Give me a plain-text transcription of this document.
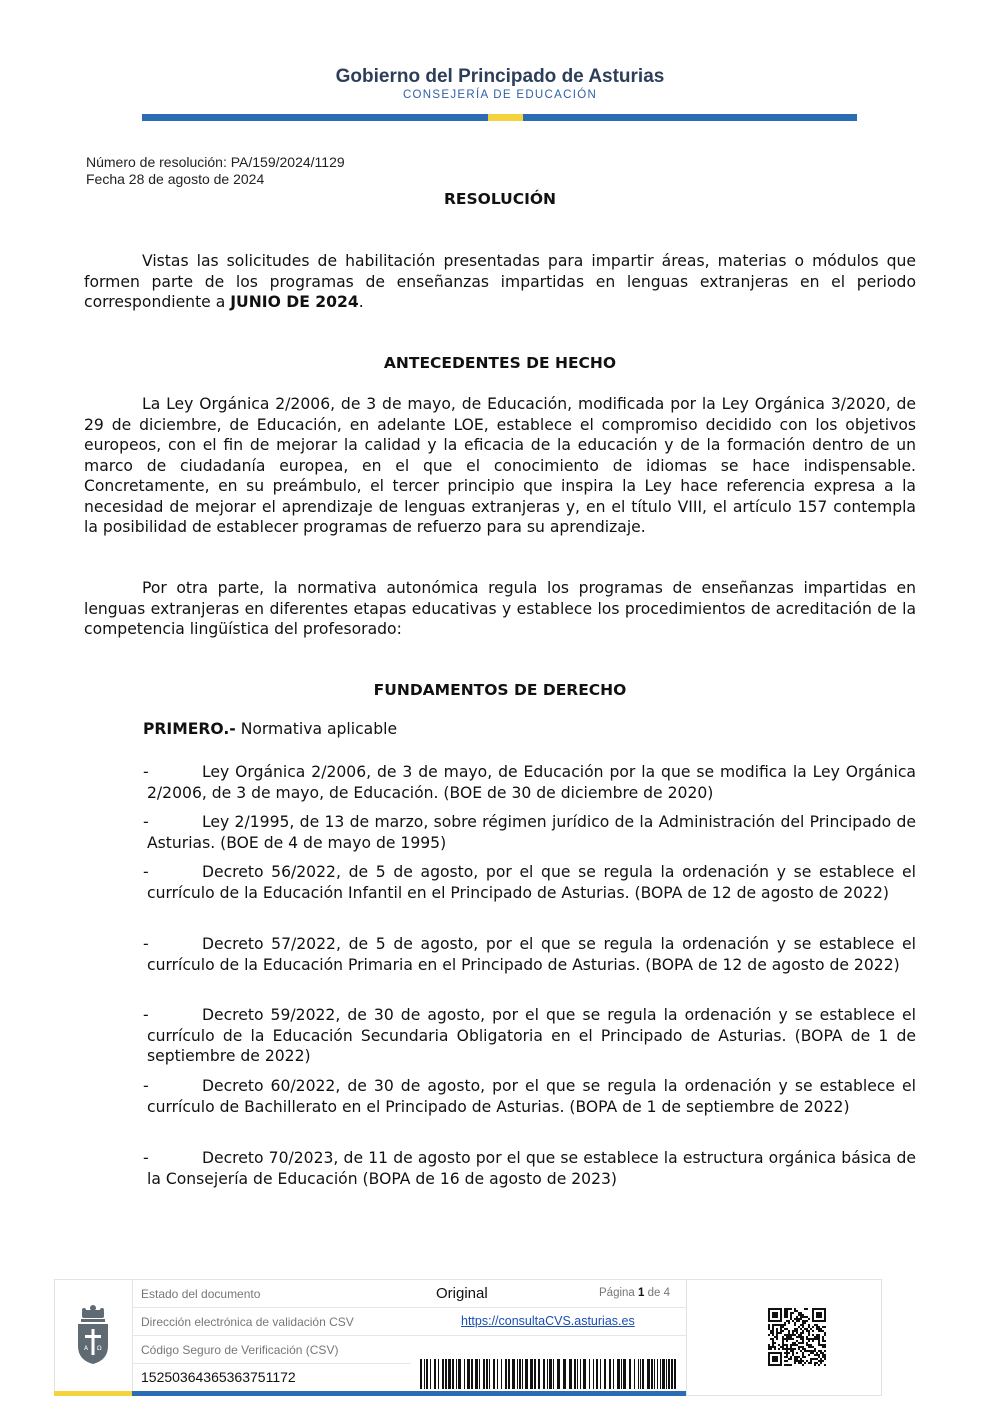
Gobierno del Principado de Asturias
CONSEJERÍA DE EDUCACIÓN
Número de resolución: PA/159/2024/1129
Fecha 28 de agosto de 2024
RESOLUCIÓN
Vistas las solicitudes de habilitación presentadas para impartir áreas, materias o módulos que formen parte de los programas de enseñanzas impartidas en lenguas extranjeras en el periodo correspondiente a JUNIO DE 2024.
ANTECEDENTES DE HECHO
La Ley Orgánica 2/2006, de 3 de mayo, de Educación, modificada por la Ley Orgánica 3/2020, de 29 de diciembre, de Educación, en adelante LOE, establece el compromiso decidido con los objetivos europeos, con el fin de mejorar la calidad y la eficacia de la educación y de la formación dentro de un marco de ciudadanía europea, en el que el conocimiento de idiomas se hace indispensable. Concretamente, en su preámbulo, el tercer principio que inspira la Ley hace referencia expresa a la necesidad de mejorar el aprendizaje de lenguas extranjeras y, en el título VIII, el artículo 157 contempla la posibilidad de establecer programas de refuerzo para su aprendizaje.
Por otra parte, la normativa autonómica regula los programas de enseñanzas impartidas en lenguas extranjeras en diferentes etapas educativas y establece los procedimientos de acreditación de la competencia lingüística del profesorado:
FUNDAMENTOS DE DERECHO
PRIMERO.- Normativa aplicable
-	Ley Orgánica 2/2006, de 3 de mayo, de Educación por la que se modifica la Ley Orgánica 2/2006, de 3 de mayo, de Educación. (BOE de 30 de diciembre de 2020)
-	Ley 2/1995, de 13 de marzo, sobre régimen jurídico de la Administración del Principado de Asturias. (BOE de 4 de mayo de 1995)
-	Decreto 56/2022, de 5 de agosto, por el que se regula la ordenación y se establece el currículo de la Educación Infantil en el Principado de Asturias. (BOPA de 12 de agosto de 2022)
-	Decreto 57/2022, de 5 de agosto, por el que se regula la ordenación y se establece el currículo de la Educación Primaria en el Principado de Asturias. (BOPA de 12 de agosto de 2022)
-	Decreto 59/2022, de 30 de agosto, por el que se regula la ordenación y se establece el currículo de la Educación Secundaria Obligatoria en el Principado de Asturias. (BOPA de 1 de septiembre de 2022)
-	Decreto 60/2022, de 30 de agosto, por el que se regula la ordenación y se establece el currículo de Bachillerato en el Principado de Asturias. (BOPA de 1 de septiembre de 2022)
-	Decreto 70/2023, de 11 de agosto por el que se establece la estructura orgánica básica de la Consejería de Educación (BOPA de 16 de agosto de 2023)
A Ω
Estado del documento	Original	Página 1 de 4
Dirección electrónica de validación CSV	https://consultaCVS.asturias.es
Código Seguro de Verificación (CSV)
15250364365363751172
